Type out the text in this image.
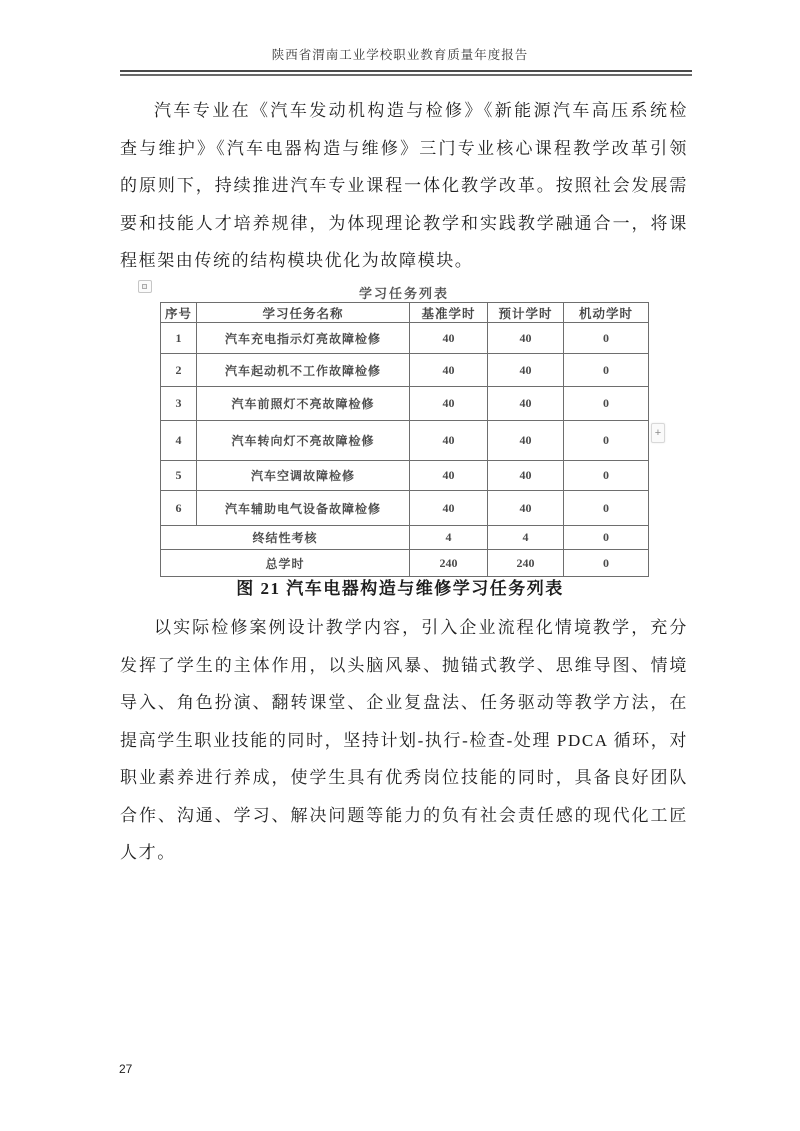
陕西省渭南工业学校职业教育质量年度报告
汽车专业在《汽车发动机构造与检修》《新能源汽车高压系统检
查与维护》《汽车电器构造与维修》三门专业核心课程教学改革引领
的原则下，持续推进汽车专业课程一体化教学改革。按照社会发展需
要和技能人才培养规律，为体现理论教学和实践教学融通合一，将课
程框架由传统的结构模块优化为故障模块。
学习任务列表
序号	学习任务名称	基准学时	预计学时	机动学时
1	汽车充电指示灯亮故障检修	40	40	0
2	汽车起动机不工作故障检修	40	40	0
3	汽车前照灯不亮故障检修	40	40	0
4	汽车转向灯不亮故障检修	40	40	0
5	汽车空调故障检修	40	40	0
6	汽车辅助电气设备故障检修	40	40	0
终结性考核		4	4	0
总学时		240	240	0
+
图 21 汽车电器构造与维修学习任务列表
以实际检修案例设计教学内容，引入企业流程化情境教学，充分
发挥了学生的主体作用，以头脑风暴、抛锚式教学、思维导图、情境
导入、角色扮演、翻转课堂、企业复盘法、任务驱动等教学方法，在
提高学生职业技能的同时，坚持计划-执行-检查-处理 PDCA 循环，对
职业素养进行养成，使学生具有优秀岗位技能的同时，具备良好团队
合作、沟通、学习、解决问题等能力的负有社会责任感的现代化工匠
人才。
27
